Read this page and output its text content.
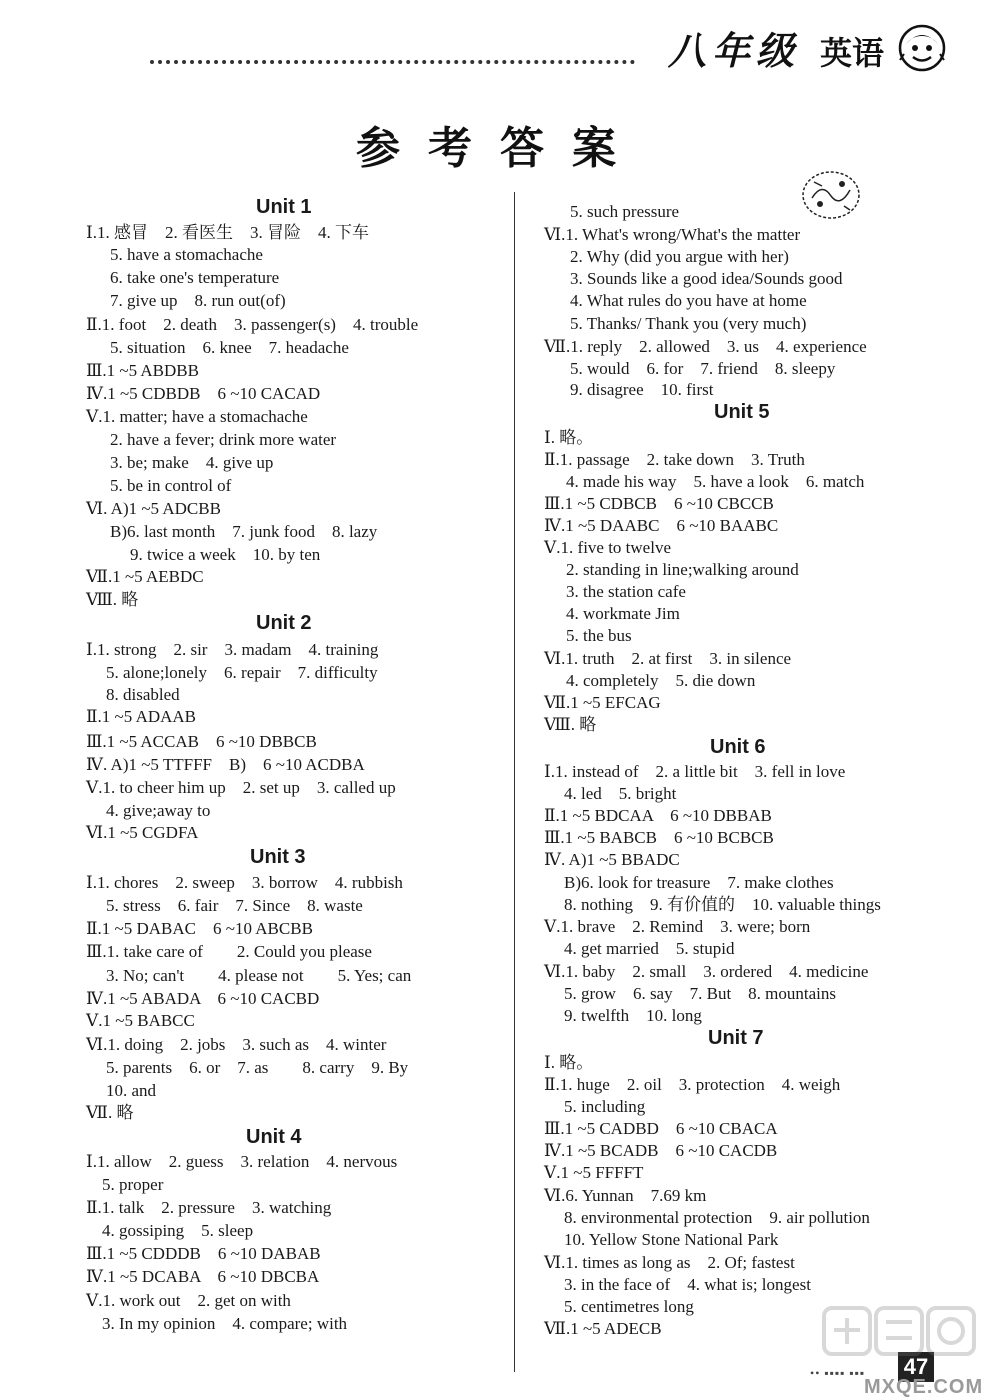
八年级 英语
参考答案
Unit 1
Ⅰ.1. 感冒　2. 看医生　3. 冒险　4. 下车
5. have a stomachache
6. take one's temperature
7. give up　8. run out(of)
Ⅱ.1. foot　2. death　3. passenger(s)　4. trouble
5. situation　6. knee　7. headache
Ⅲ.1 ~5 ABDBB
Ⅳ.1 ~5 CDBDB　6 ~10 CACAD
Ⅴ.1. matter; have a stomachache
2. have a fever; drink more water
3. be; make　4. give up
5. be in control of
Ⅵ. A)1 ~5 ADCBB
B)6. last month　7. junk food　8. lazy
9. twice a week　10. by ten
Ⅶ.1 ~5 AEBDC
Ⅷ. 略
Unit 2
Ⅰ.1. strong　2. sir　3. madam　4. training
5. alone;lonely　6. repair　7. difficulty
8. disabled
Ⅱ.1 ~5 ADAAB
Ⅲ.1 ~5 ACCAB　6 ~10 DBBCB
Ⅳ. A)1 ~5 TTFFF　B)　6 ~10 ACDBA
Ⅴ.1. to cheer him up　2. set up　3. called up
4. give;away to
Ⅵ.1 ~5 CGDFA
Unit 3
Ⅰ.1. chores　2. sweep　3. borrow　4. rubbish
5. stress　6. fair　7. Since　8. waste
Ⅱ.1 ~5 DABAC　6 ~10 ABCBB
Ⅲ.1. take care of　　2. Could you please
3. No; can't　　4. please not　　5. Yes; can
Ⅳ.1 ~5 ABADA　6 ~10 CACBD
Ⅴ.1 ~5 BABCC
Ⅵ.1. doing　2. jobs　3. such as　4. winter
5. parents　6. or　7. as　　8. carry　9. By
10. and
Ⅶ. 略
Unit 4
Ⅰ.1. allow　2. guess　3. relation　4. nervous
5. proper
Ⅱ.1. talk　2. pressure　3. watching
4. gossiping　5. sleep
Ⅲ.1 ~5 CDDDB　6 ~10 DABAB
Ⅳ.1 ~5 DCABA　6 ~10 DBCBA
Ⅴ.1. work out　2. get on with
3. In my opinion　4. compare; with
5. such pressure
Ⅵ.1. What's wrong/What's the matter
2. Why (did you argue with her)
3. Sounds like a good idea/Sounds good
4. What rules do you have at home
5. Thanks/ Thank you (very much)
Ⅶ.1. reply　2. allowed　3. us　4. experience
5. would　6. for　7. friend　8. sleepy
9. disagree　10. first
Unit 5
Ⅰ. 略。
Ⅱ.1. passage　2. take down　3. Truth
4. made his way　5. have a look　6. match
Ⅲ.1 ~5 CDBCB　6 ~10 CBCCB
Ⅳ.1 ~5 DAABC　6 ~10 BAABC
Ⅴ.1. five to twelve
2. standing in line;walking around
3. the station cafe
4. workmate Jim
5. the bus
Ⅵ.1. truth　2. at first　3. in silence
4. completely　5. die down
Ⅶ.1 ~5 EFCAG
Ⅷ. 略
Unit 6
Ⅰ.1. instead of　2. a little bit　3. fell in love
4. led　5. bright
Ⅱ.1 ~5 BDCAA　6 ~10 DBBAB
Ⅲ.1 ~5 BABCB　6 ~10 BCBCB
Ⅳ. A)1 ~5 BBADC
B)6. look for treasure　7. make clothes
8. nothing　9. 有价值的　10. valuable things
Ⅴ.1. brave　2. Remind　3. were; born
4. get married　5. stupid
Ⅵ.1. baby　2. small　3. ordered　4. medicine
5. grow　6. say　7. But　8. mountains
9. twelfth　10. long
Unit 7
Ⅰ. 略。
Ⅱ.1. huge　2. oil　3. protection　4. weigh
5. including
Ⅲ.1 ~5 CADBD　6 ~10 CBACA
Ⅳ.1 ~5 BCADB　6 ~10 CACDB
Ⅴ.1 ~5 FFFFT
Ⅵ.6. Yunnan　7.69 km
8. environmental protection　9. air pollution
10. Yellow Stone National Park
Ⅵ.1. times as long as　2. Of; fastest
3. in the face of　4. what is; longest
5. centimetres long
Ⅶ.1 ~5 ADECB
•• ▪▪▪▪ ▪▪▪ 47
MXQE.COM
